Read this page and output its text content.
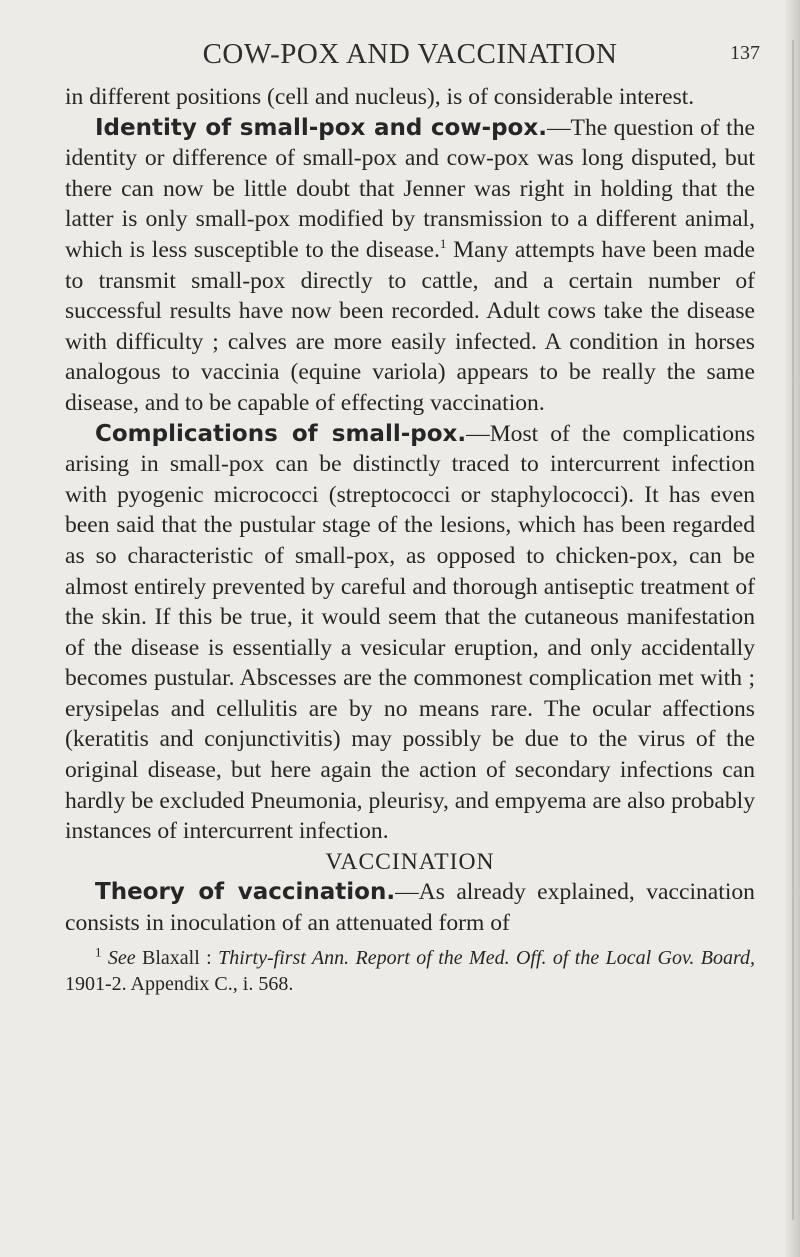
COW-POX AND VACCINATION	137

in different positions (cell and nucleus), is of considerable interest.

Identity of small-pox and cow-pox.—The question of the identity or difference of small-pox and cow-pox was long disputed, but there can now be little doubt that Jenner was right in holding that the latter is only small-pox modified by transmission to a different animal, which is less susceptible to the disease.$^1$ Many attempts have been made to transmit small-pox directly to cattle, and a certain number of successful results have now been recorded. Adult cows take the disease with difficulty ; calves are more easily infected. A condition in horses analogous to vaccinia (equine variola) appears to be really the same disease, and to be capable of effecting vaccination.

Complications of small-pox.—Most of the complications arising in small-pox can be distinctly traced to intercurrent infection with pyogenic micrococci (streptococci or staphylococci). It has even been said that the pustular stage of the lesions, which has been regarded as so characteristic of small-pox, as opposed to chicken-pox, can be almost entirely prevented by careful and thorough antiseptic treatment of the skin. If this be true, it would seem that the cutaneous manifestation of the disease is essentially a vesicular eruption, and only accidentally becomes pustular. Abscesses are the commonest complication met with ; erysipelas and cellulitis are by no means rare. The ocular affections (keratitis and conjunctivitis) may possibly be due to the virus of the original disease, but here again the action of secondary infections can hardly be excluded Pneumonia, pleurisy, and empyema are also probably instances of intercurrent infection.

VACCINATION

Theory of vaccination.—As already explained, vaccination consists in inoculation of an attenuated form of

$^1$ See Blaxall : Thirty-first Ann. Report of the Med. Off. of the Local Gov. Board, 1901-2. Appendix C., i. 568.
